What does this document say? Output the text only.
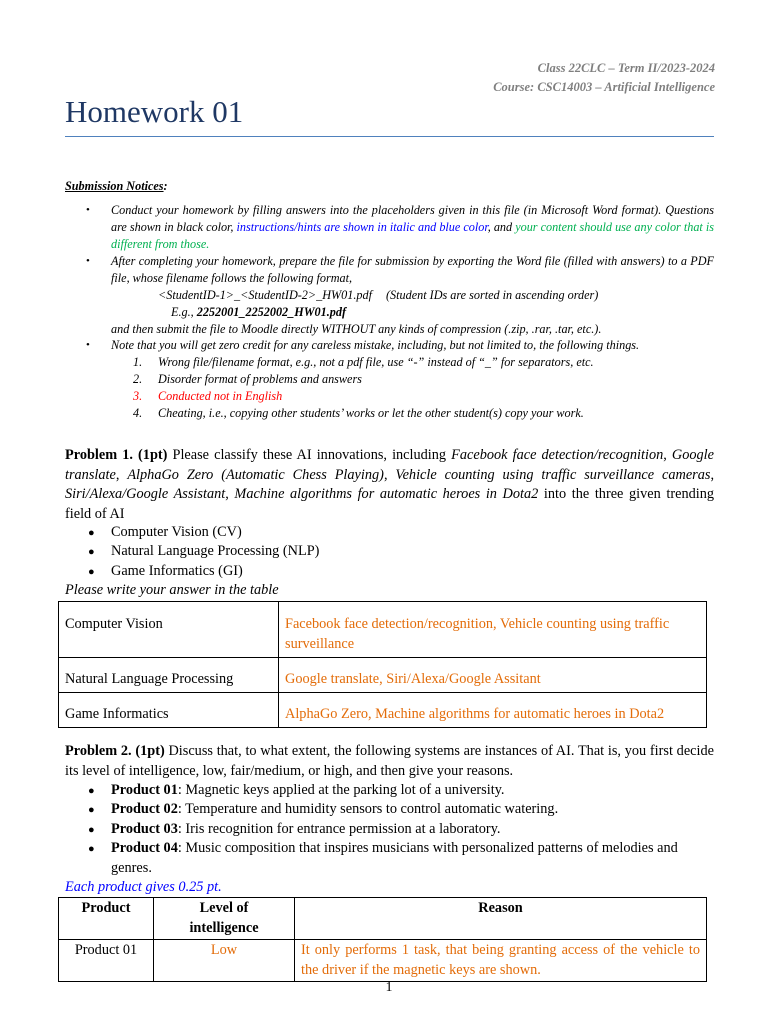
Class 22CLC – Term II/2023-2024
Course: CSC14003 – Artificial Intelligence
Homework 01
Submission Notices:
• Conduct your homework by filling answers into the placeholders given in this file (in Microsoft Word format). Questions are shown in black color, instructions/hints are shown in italic and blue color, and your content should use any color that is different from those.
• After completing your homework, prepare the file for submission by exporting the Word file (filled with answers) to a PDF file, whose filename follows the following format,
<StudentID-1>_<StudentID-2>_HW01.pdf (Student IDs are sorted in ascending order)
E.g., 2252001_2252002_HW01.pdf
and then submit the file to Moodle directly WITHOUT any kinds of compression (.zip, .rar, .tar, etc.).
• Note that you will get zero credit for any careless mistake, including, but not limited to, the following things.
1. Wrong file/filename format, e.g., not a pdf file, use “-” instead of “_” for separators, etc.
2. Disorder format of problems and answers
3. Conducted not in English
4. Cheating, i.e., copying other students’ works or let the other student(s) copy your work.
Problem 1. (1pt) Please classify these AI innovations, including Facebook face detection/recognition, Google translate, AlphaGo Zero (Automatic Chess Playing), Vehicle counting using traffic surveillance cameras, Siri/Alexa/Google Assistant, Machine algorithms for automatic heroes in Dota2 into the three given trending field of AI
● Computer Vision (CV)
● Natural Language Processing (NLP)
● Game Informatics (GI)
Please write your answer in the table
Computer Vision	Facebook face detection/recognition, Vehicle counting using traffic surveillance
Natural Language Processing	Google translate, Siri/Alexa/Google Assitant
Game Informatics	AlphaGo Zero, Machine algorithms for automatic heroes in Dota2
Problem 2. (1pt) Discuss that, to what extent, the following systems are instances of AI. That is, you first decide its level of intelligence, low, fair/medium, or high, and then give your reasons.
● Product 01: Magnetic keys applied at the parking lot of a university.
● Product 02: Temperature and humidity sensors to control automatic watering.
● Product 03: Iris recognition for entrance permission at a laboratory.
● Product 04: Music composition that inspires musicians with personalized patterns of melodies and genres.
Each product gives 0.25 pt.
Product	Level of intelligence	Reason
Product 01	Low	It only performs 1 task, that being granting access of the vehicle to the driver if the magnetic keys are shown.
1
